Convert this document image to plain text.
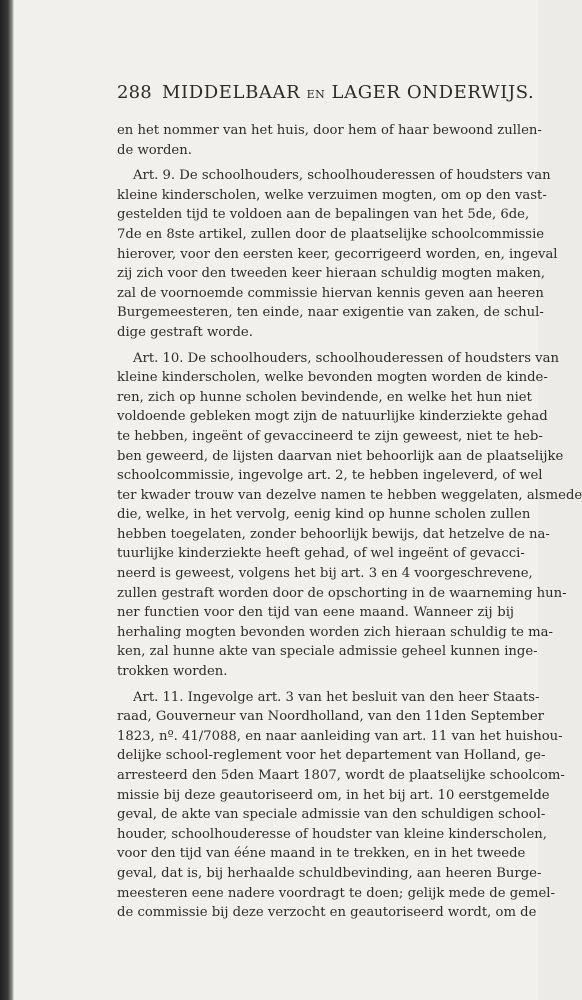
288 MIDDELBAAR EN LAGER ONDERWIJS.
en het nommer van het huis, door hem of haar bewoond zullen-
de worden.
Art. 9. De schoolhouders, schoolhouderessen of houdsters van
kleine kinderscholen, welke verzuimen mogten, om op den vast-
gestelden tijd te voldoen aan de bepalingen van het 5de, 6de,
7de en 8ste artikel, zullen door de plaatselijke schoolcommissie
hierover, voor den eersten keer, gecorrigeerd worden, en, ingeval
zij zich voor den tweeden keer hieraan schuldig mogten maken,
zal de voornoemde commissie hiervan kennis geven aan heeren
Burgemeesteren, ten einde, naar exigentie van zaken, de schul-
dige gestraft worde.
Art. 10. De schoolhouders, schoolhouderessen of houdsters van
kleine kinderscholen, welke bevonden mogten worden de kinde-
ren, zich op hunne scholen bevindende, en welke het hun niet
voldoende gebleken mogt zijn de natuurlijke kinderziekte gehad
te hebben, ingeënt of gevaccineerd te zijn geweest, niet te heb-
ben geweerd, de lijsten daarvan niet behoorlijk aan de plaatselijke
schoolcommissie, ingevolge art. 2, te hebben ingeleverd, of wel
ter kwader trouw van dezelve namen te hebben weggelaten, alsmede
die, welke, in het vervolg, eenig kind op hunne scholen zullen
hebben toegelaten, zonder behoorlijk bewijs, dat hetzelve de na-
tuurlijke kinderziekte heeft gehad, of wel ingeënt of gevacci-
neerd is geweest, volgens het bij art. 3 en 4 voorgeschrevene,
zullen gestraft worden door de opschorting in de waarneming hun-
ner functien voor den tijd van eene maand. Wanneer zij bij
herhaling mogten bevonden worden zich hieraan schuldig te ma-
ken, zal hunne akte van speciale admissie geheel kunnen inge-
trokken worden.
Art. 11. Ingevolge art. 3 van het besluit van den heer Staats-
raad, Gouverneur van Noordholland, van den 11den September
1823, nº. 41/7088, en naar aanleiding van art. 11 van het huishou-
delijke school-reglement voor het departement van Holland, ge-
arresteerd den 5den Maart 1807, wordt de plaatselijke schoolcom-
missie bij deze geautoriseerd om, in het bij art. 10 eerstgemelde
geval, de akte van speciale admissie van den schuldigen school-
houder, schoolhouderesse of houdster van kleine kinderscholen,
voor den tijd van ééne maand in te trekken, en in het tweede
geval, dat is, bij herhaalde schuldbevinding, aan heeren Burge-
meesteren eene nadere voordragt te doen; gelijk mede de gemel-
de commissie bij deze verzocht en geautoriseerd wordt, om de
